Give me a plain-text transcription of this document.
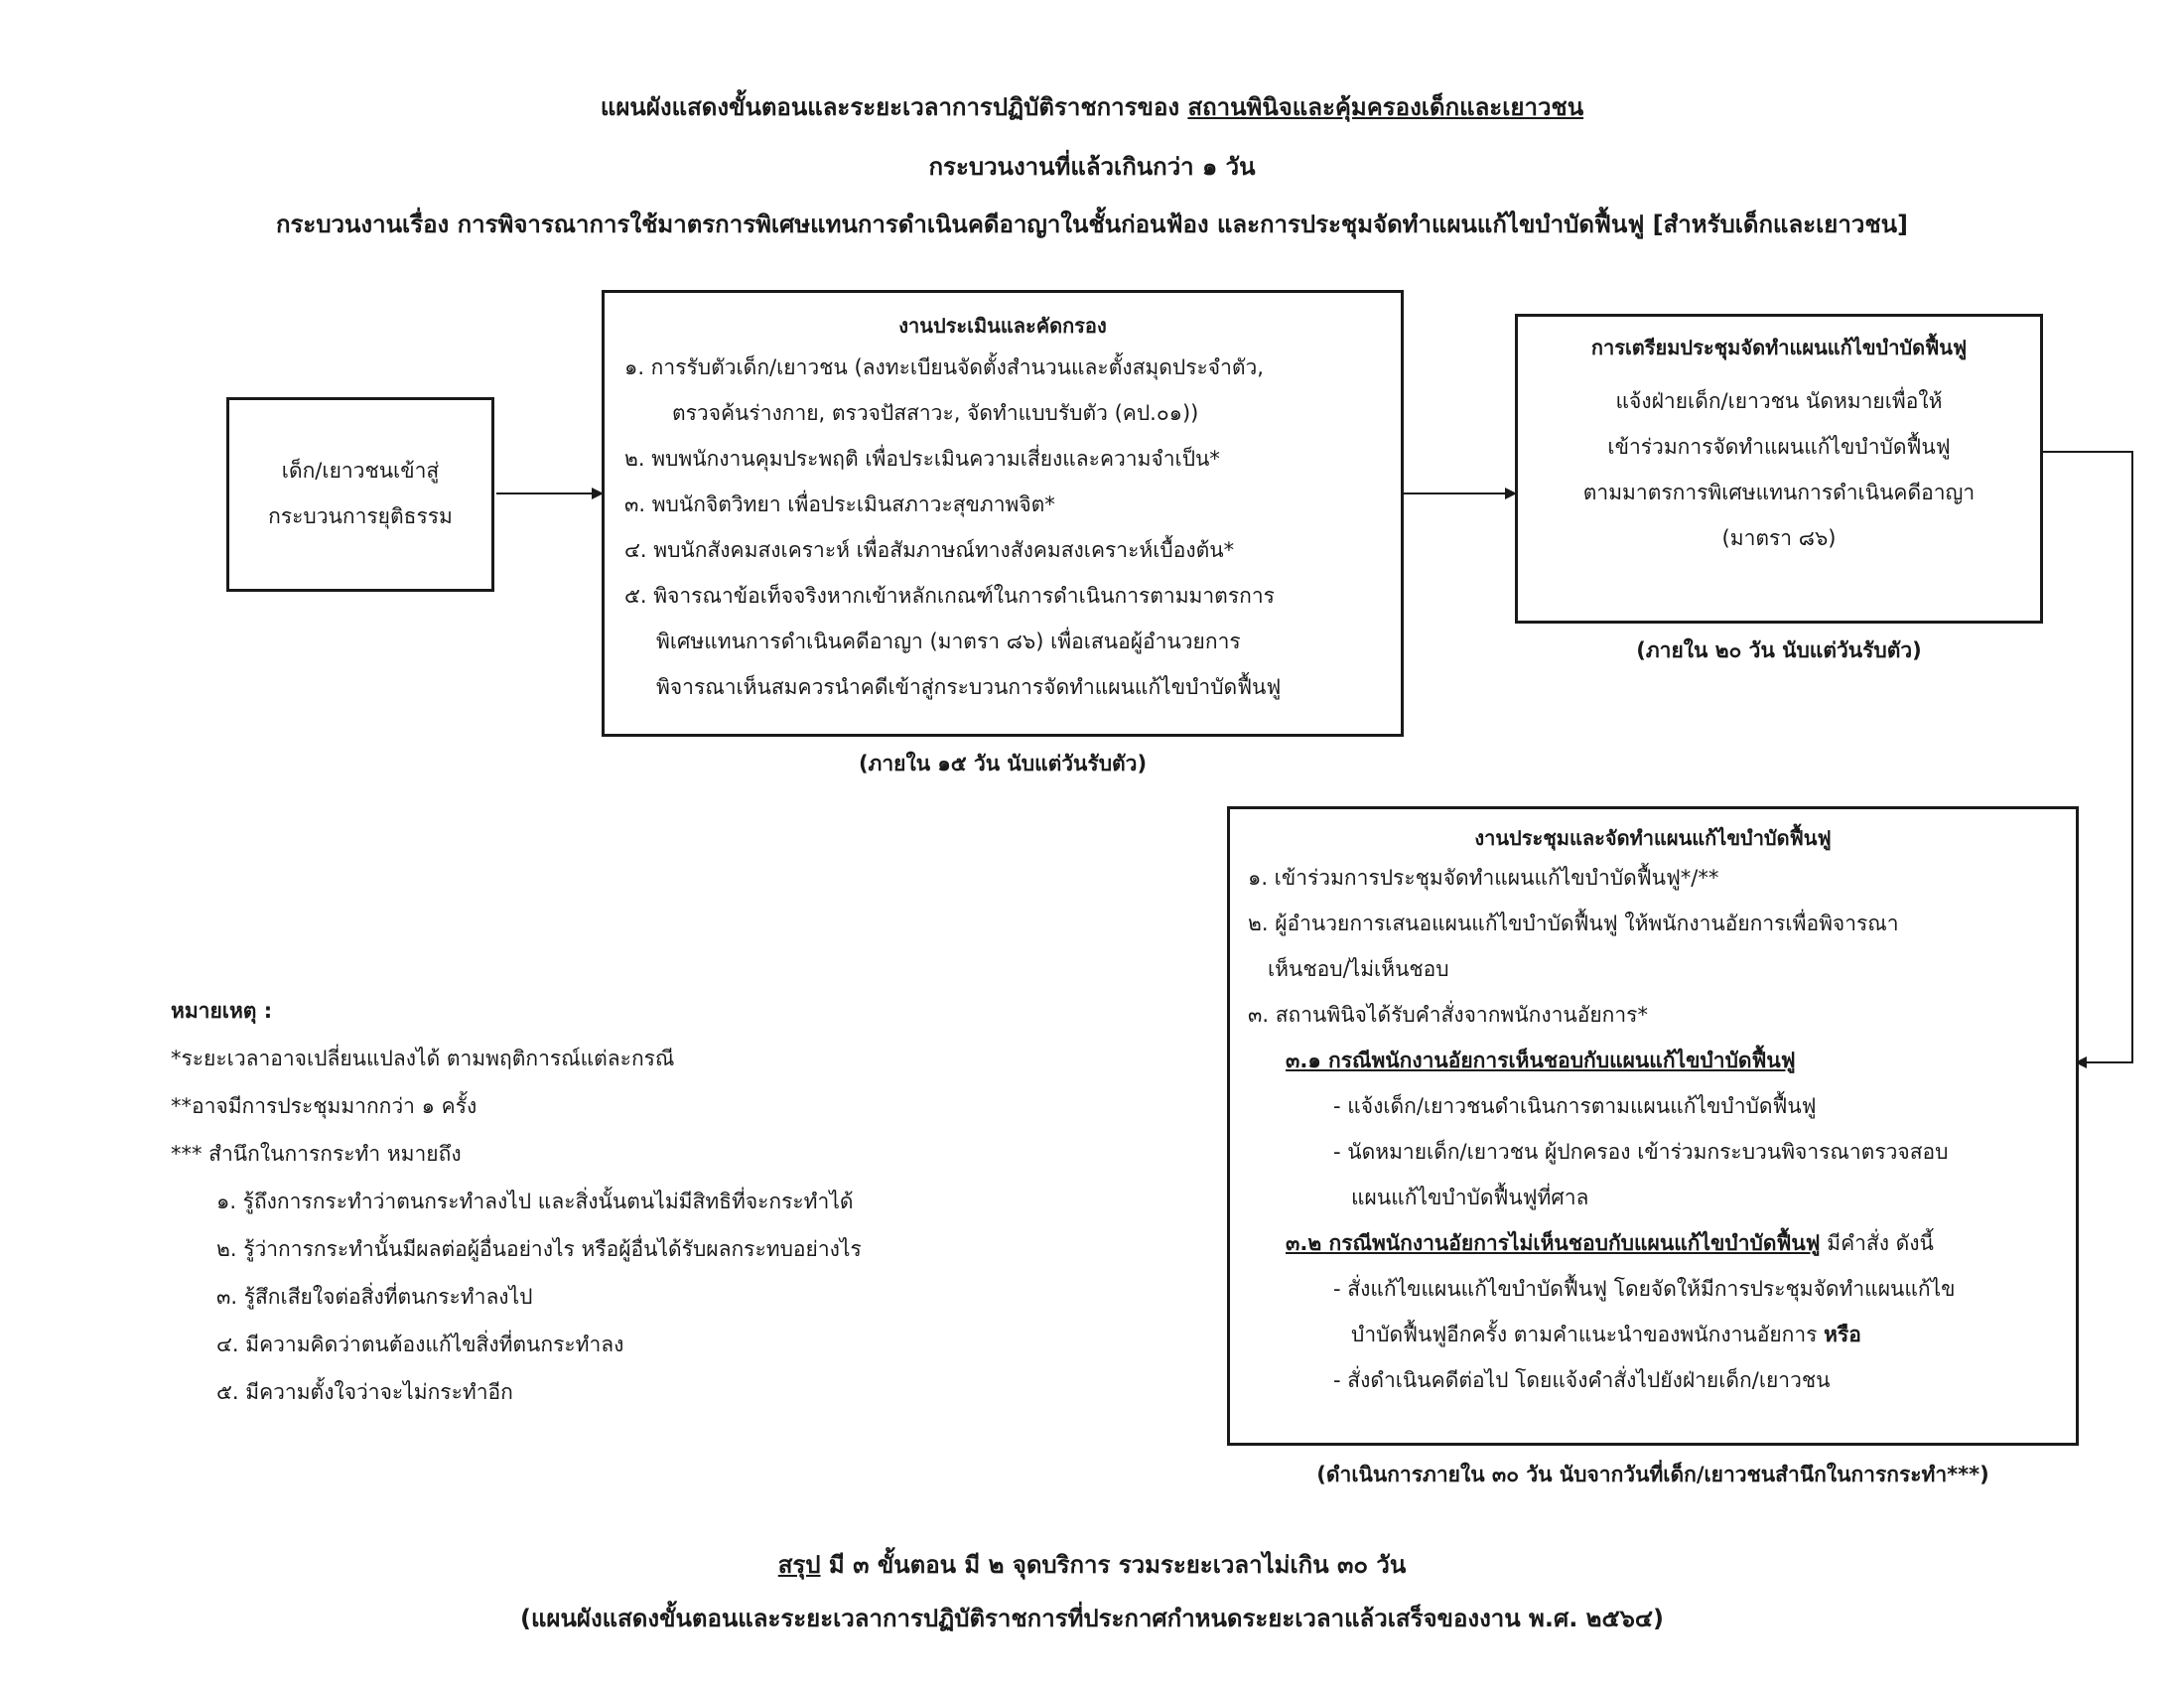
แผนผังแสดงขั้นตอนและระยะเวลาการปฏิบัติราชการของ สถานพินิจและคุ้มครองเด็กและเยาวชน
กระบวนงานที่แล้วเกินกว่า ๑ วัน
กระบวนงานเรื่อง การพิจารณาการใช้มาตรการพิเศษแทนการดำเนินคดีอาญาในชั้นก่อนฟ้อง และการประชุมจัดทำแผนแก้ไขบำบัดฟื้นฟู [สำหรับเด็กและเยาวชน]
เด็ก/เยาวชนเข้าสู่
กระบวนการยุติธรรม
งานประเมินและคัดกรอง
๑. การรับตัวเด็ก/เยาวชน (ลงทะเบียนจัดตั้งสำนวนและตั้งสมุดประจำตัว,
ตรวจค้นร่างกาย, ตรวจปัสสาวะ, จัดทำแบบรับตัว (คป.๐๑))
๒. พบพนักงานคุมประพฤติ เพื่อประเมินความเสี่ยงและความจำเป็น*
๓. พบนักจิตวิทยา เพื่อประเมินสภาวะสุขภาพจิต*
๔. พบนักสังคมสงเคราะห์ เพื่อสัมภาษณ์ทางสังคมสงเคราะห์เบื้องต้น*
๕. พิจารณาข้อเท็จจริงหากเข้าหลักเกณฑ์ในการดำเนินการตามมาตรการ
พิเศษแทนการดำเนินคดีอาญา (มาตรา ๘๖) เพื่อเสนอผู้อำนวยการ
พิจารณาเห็นสมควรนำคดีเข้าสู่กระบวนการจัดทำแผนแก้ไขบำบัดฟื้นฟู
(ภายใน ๑๕ วัน นับแต่วันรับตัว)
การเตรียมประชุมจัดทำแผนแก้ไขบำบัดฟื้นฟู
แจ้งฝ่ายเด็ก/เยาวชน นัดหมายเพื่อให้
เข้าร่วมการจัดทำแผนแก้ไขบำบัดฟื้นฟู
ตามมาตรการพิเศษแทนการดำเนินคดีอาญา
(มาตรา ๘๖)
(ภายใน ๒๐ วัน นับแต่วันรับตัว)
งานประชุมและจัดทำแผนแก้ไขบำบัดฟื้นฟู
๑. เข้าร่วมการประชุมจัดทำแผนแก้ไขบำบัดฟื้นฟู*/**
๒. ผู้อำนวยการเสนอแผนแก้ไขบำบัดฟื้นฟู ให้พนักงานอัยการเพื่อพิจารณา
เห็นชอบ/ไม่เห็นชอบ
๓. สถานพินิจได้รับคำสั่งจากพนักงานอัยการ*
๓.๑ กรณีพนักงานอัยการเห็นชอบกับแผนแก้ไขบำบัดฟื้นฟู
- แจ้งเด็ก/เยาวชนดำเนินการตามแผนแก้ไขบำบัดฟื้นฟู
- นัดหมายเด็ก/เยาวชน ผู้ปกครอง เข้าร่วมกระบวนพิจารณาตรวจสอบ
แผนแก้ไขบำบัดฟื้นฟูที่ศาล
๓.๒ กรณีพนักงานอัยการไม่เห็นชอบกับแผนแก้ไขบำบัดฟื้นฟู มีคำสั่ง ดังนี้
- สั่งแก้ไขแผนแก้ไขบำบัดฟื้นฟู โดยจัดให้มีการประชุมจัดทำแผนแก้ไข
บำบัดฟื้นฟูอีกครั้ง ตามคำแนะนำของพนักงานอัยการ หรือ
- สั่งดำเนินคดีต่อไป โดยแจ้งคำสั่งไปยังฝ่ายเด็ก/เยาวชน
(ดำเนินการภายใน ๓๐ วัน นับจากวันที่เด็ก/เยาวชนสำนึกในการกระทำ***)
หมายเหตุ :
*ระยะเวลาอาจเปลี่ยนแปลงได้ ตามพฤติการณ์แต่ละกรณี
**อาจมีการประชุมมากกว่า ๑ ครั้ง
*** สำนึกในการกระทำ หมายถึง
๑. รู้ถึงการกระทำว่าตนกระทำลงไป และสิ่งนั้นตนไม่มีสิทธิที่จะกระทำได้
๒. รู้ว่าการกระทำนั้นมีผลต่อผู้อื่นอย่างไร หรือผู้อื่นได้รับผลกระทบอย่างไร
๓. รู้สึกเสียใจต่อสิ่งที่ตนกระทำลงไป
๔. มีความคิดว่าตนต้องแก้ไขสิ่งที่ตนกระทำลง
๕. มีความตั้งใจว่าจะไม่กระทำอีก
สรุป มี ๓ ขั้นตอน มี ๒ จุดบริการ รวมระยะเวลาไม่เกิน ๓๐ วัน
(แผนผังแสดงขั้นตอนและระยะเวลาการปฏิบัติราชการที่ประกาศกำหนดระยะเวลาแล้วเสร็จของงาน พ.ศ. ๒๕๖๔)
